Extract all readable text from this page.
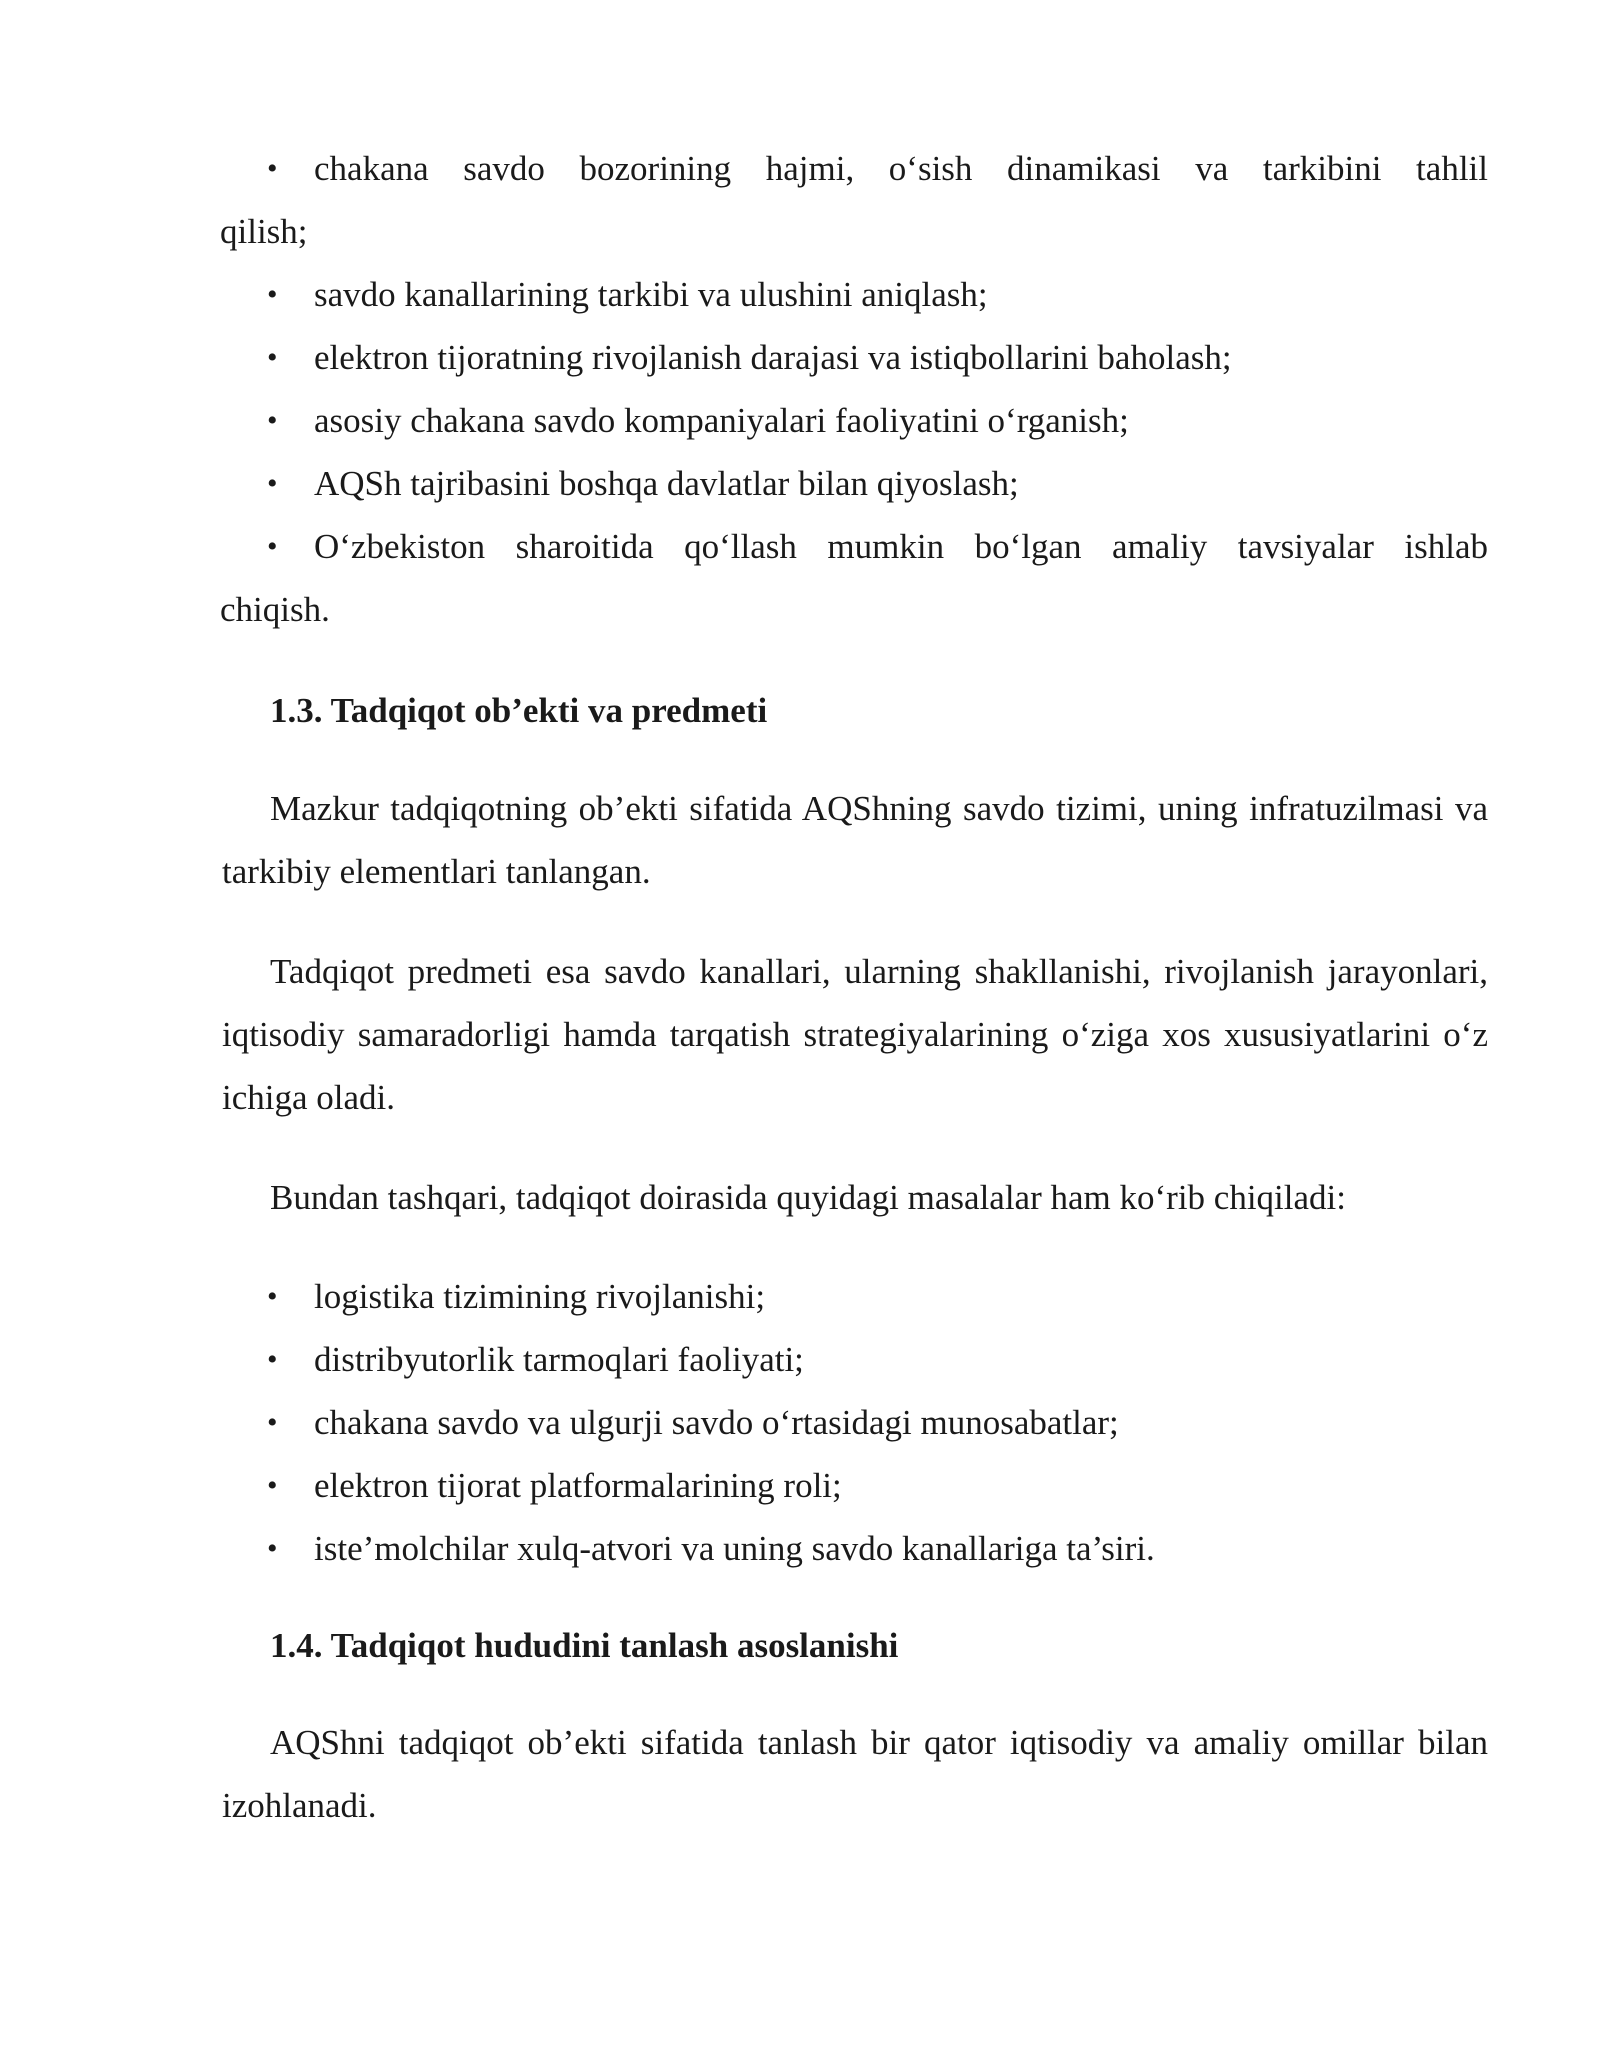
• chakana savdo bozorining hajmi, o‘sish dinamikasi va tarkibini tahlil
qilish;
• savdo kanallarining tarkibi va ulushini aniqlash;
• elektron tijoratning rivojlanish darajasi va istiqbollarini baholash;
• asosiy chakana savdo kompaniyalari faoliyatini o‘rganish;
• AQSh tajribasini boshqa davlatlar bilan qiyoslash;
• O‘zbekiston sharoitida qo‘llash mumkin bo‘lgan amaliy tavsiyalar ishlab
chiqish.
1.3. Tadqiqot ob’ekti va predmeti

Mazkur tadqiqotning ob’ekti sifatida AQShning savdo tizimi, uning infratuzilmasi va tarkibiy elementlari tanlangan.

Tadqiqot predmeti esa savdo kanallari, ularning shakllanishi, rivojlanish jarayonlari, iqtisodiy samaradorligi hamda tarqatish strategiyalarining o‘ziga xos xususiyatlarini o‘z ichiga oladi.

Bundan tashqari, tadqiqot doirasida quyidagi masalalar ham ko‘rib chiqiladi:

• logistika tizimining rivojlanishi;
• distribyutorlik tarmoqlari faoliyati;
• chakana savdo va ulgurji savdo o‘rtasidagi munosabatlar;
• elektron tijorat platformalarining roli;
• iste’molchilar xulq-atvori va uning savdo kanallariga ta’siri.
1.4. Tadqiqot hududini tanlash asoslanishi

AQShni tadqiqot ob’ekti sifatida tanlash bir qator iqtisodiy va amaliy omillar bilan izohlanadi.
